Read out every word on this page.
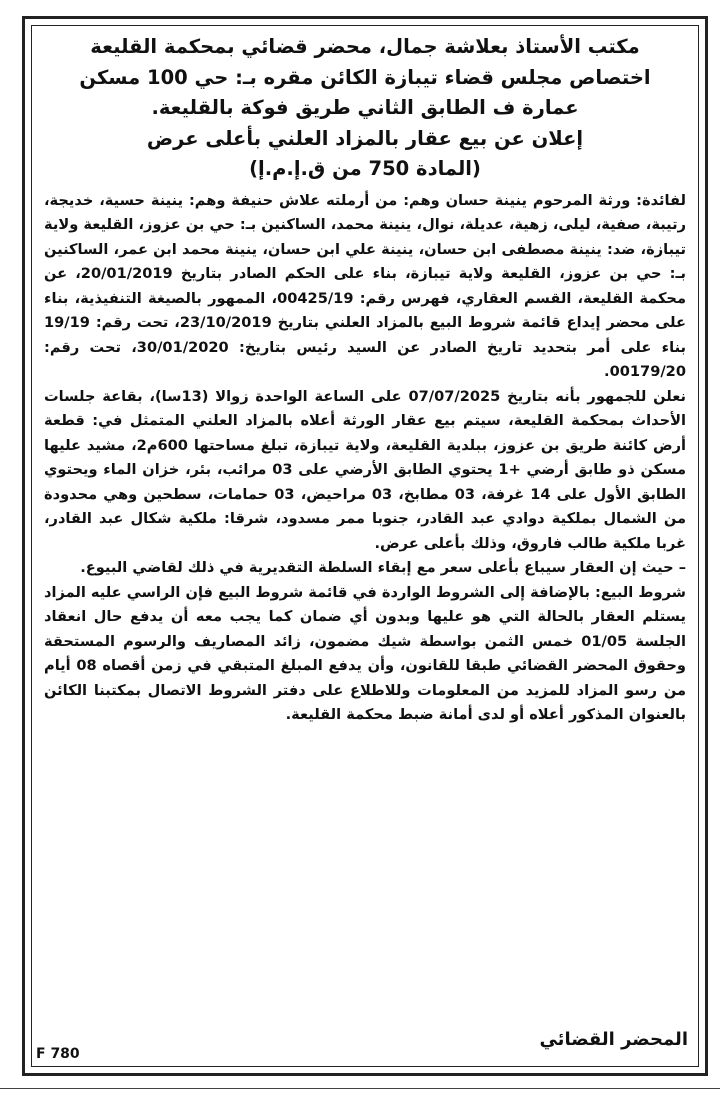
مكتب الأستاذ بعلاشة جمال، محضر قضائي بمحكمة القليعة

اختصاص مجلس قضاء تيبازة الكائن مقره بـ: حي 100 مسكن

عمارة ف الطابق الثاني طريق فوكة بالقليعة.

إعلان عن بيع عقار بالمزاد العلني بأعلى عرض

(المادة 750 من ق.إ.م.إ)

لفائدة: ورثة المرحوم ينينة حسان وهم: من أرملته علاش حنيفة وهم: ينينة حسية، خديجة، رتيبة، صفية، ليلى، زهية، عديلة، نوال، ينينة محمد، الساكنين بـ: حي بن عزوز، القليعة ولاية تيبازة، ضد: ينينة مصطفى ابن حسان، ينينة علي ابن حسان، ينينة محمد ابن عمر، الساكنين بـ: حي بن عزوز، القليعة ولاية تيبازة، بناء على الحكم الصادر بتاريخ 20/01/2019، عن محكمة القليعة، القسم العقاري، فهرس رقم: 00425/19، الممهور بالصيغة التنفيذية، بناء على محضر إيداع قائمة شروط البيع بالمزاد العلني بتاريخ 23/10/2019، تحت رقم: 19/19 بناء على أمر بتحديد تاريخ الصادر عن السيد رئيس بتاريخ: 30/01/2020، تحت رقم: 00179/20.

نعلن للجمهور بأنه بتاريخ 07/07/2025 على الساعة الواحدة زوالا (13سا)، بقاعة جلسات الأحداث بمحكمة القليعة، سيتم بيع عقار الورثة أعلاه بالمزاد العلني المتمثل في: قطعة أرض كائنة طريق بن عزوز، ببلدية القليعة، ولاية تيبازة، تبلغ مساحتها 600م2، مشيد عليها مسكن ذو طابق أرضي +1 يحتوي الطابق الأرضي على 03 مرائب، بئر، خزان الماء ويحتوي الطابق الأول على 14 غرفة، 03 مطابخ، 03 مراحيض، 03 حمامات، سطحين وهي محدودة من الشمال بملكية دوادي عبد القادر، جنوبا ممر مسدود، شرقا: ملكية شكال عبد القادر، غربا ملكية طالب فاروق، وذلك بأعلى عرض.

– حيث إن العقار سيباع بأعلى سعر مع إبقاء السلطة التقديرية في ذلك لقاضي البيوع.

شروط البيع: بالإضافة إلى الشروط الواردة في قائمة شروط البيع فإن الراسي عليه المزاد يستلم العقار بالحالة التي هو عليها وبدون أي ضمان كما يجب معه أن يدفع حال انعقاد الجلسة 01/05 خمس الثمن بواسطة شيك مضمون، زائد المصاريف والرسوم المستحقة وحقوق المحضر القضائي طبقا للقانون، وأن يدفع المبلغ المتبقي في زمن أقصاه 08 أيام من رسو المزاد للمزيد من المعلومات وللاطلاع على دفتر الشروط الاتصال بمكتبنا الكائن بالعنوان المذكور أعلاه أو لدى أمانة ضبط محكمة القليعة.

المحضر القضائي
F 780
